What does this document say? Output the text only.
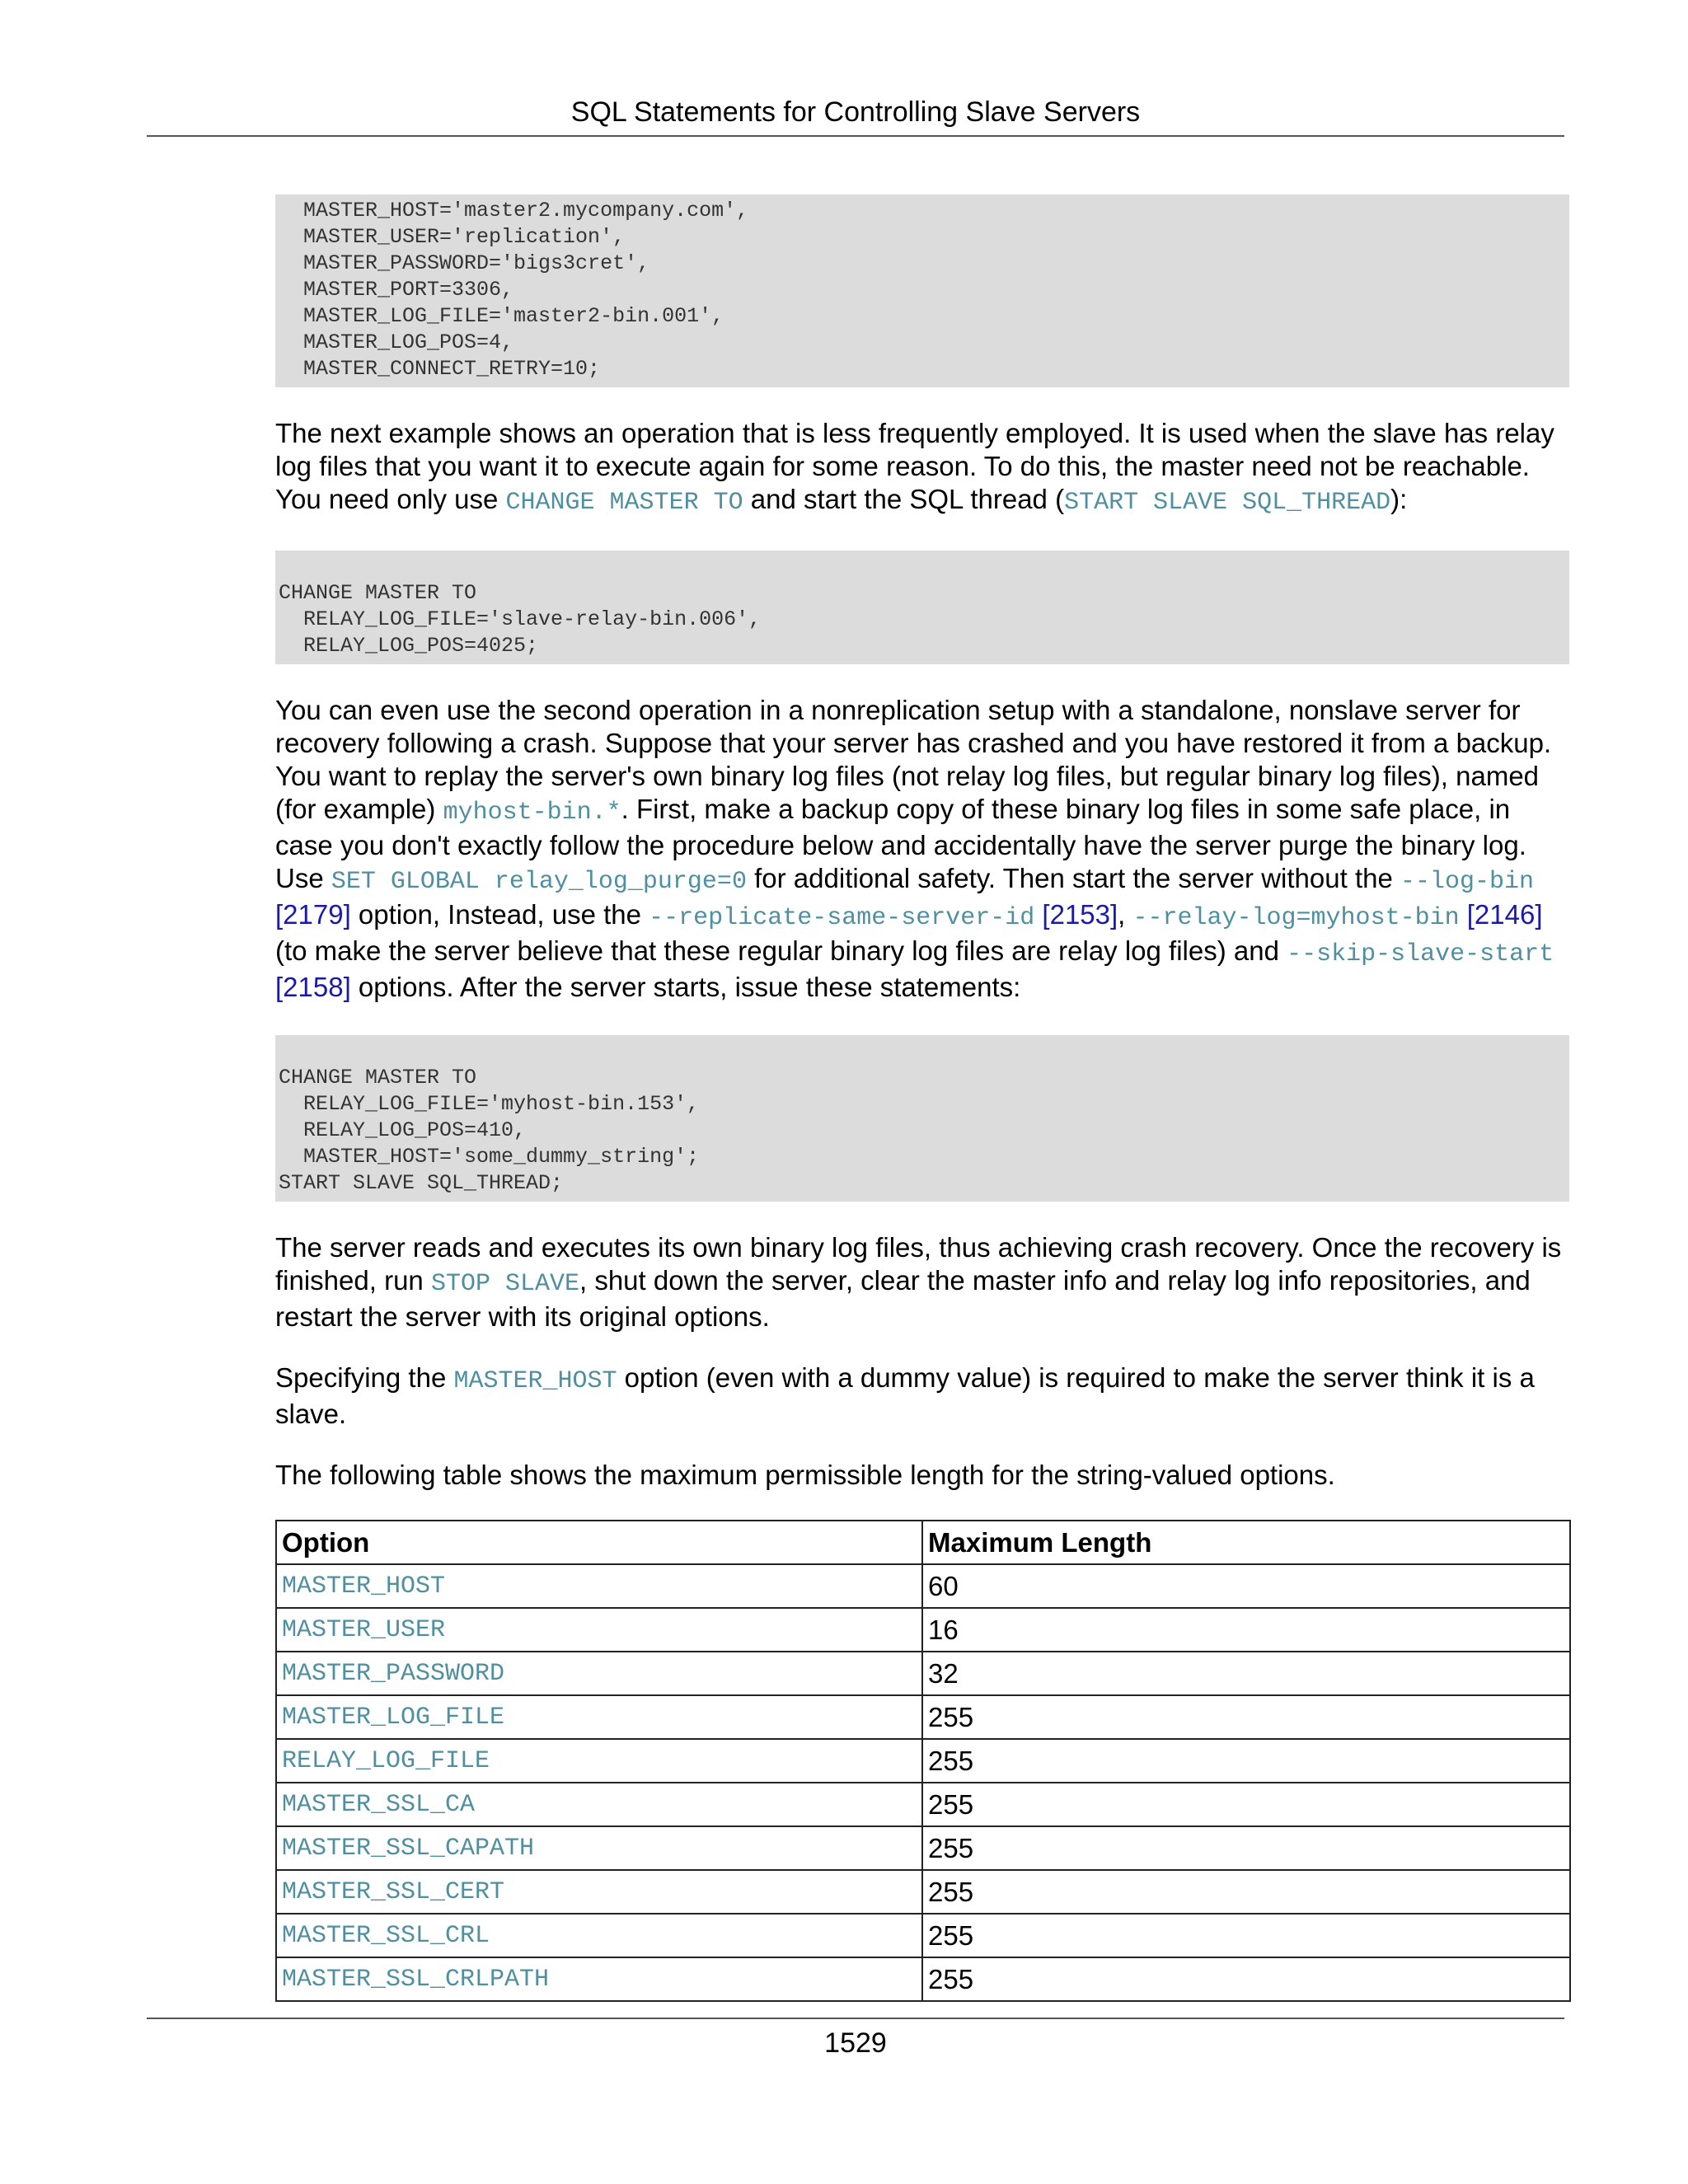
SQL Statements for Controlling Slave Servers
MASTER_HOST='master2.mycompany.com',
MASTER_USER='replication',
MASTER_PASSWORD='bigs3cret',
MASTER_PORT=3306,
MASTER_LOG_FILE='master2-bin.001',
MASTER_LOG_POS=4,
MASTER_CONNECT_RETRY=10;

The next example shows an operation that is less frequently employed. It is used when the slave has relay log files that you want it to execute again for some reason. To do this, the master need not be reachable. You need only use CHANGE MASTER TO and start the SQL thread (START SLAVE SQL_THREAD):

CHANGE MASTER TO
RELAY_LOG_FILE='slave-relay-bin.006',
RELAY_LOG_POS=4025;

You can even use the second operation in a nonreplication setup with a standalone, nonslave server for recovery following a crash. Suppose that your server has crashed and you have restored it from a backup. You want to replay the server's own binary log files (not relay log files, but regular binary log files), named (for example) myhost-bin.*. First, make a backup copy of these binary log files in some safe place, in case you don't exactly follow the procedure below and accidentally have the server purge the binary log. Use SET GLOBAL relay_log_purge=0 for additional safety. Then start the server without the --log-bin [2179] option, Instead, use the --replicate-same-server-id [2153], --relay-log=myhost-bin [2146] (to make the server believe that these regular binary log files are relay log files) and --skip-slave-start [2158] options. After the server starts, issue these statements:

CHANGE MASTER TO
RELAY_LOG_FILE='myhost-bin.153',
RELAY_LOG_POS=410,
MASTER_HOST='some_dummy_string';
START SLAVE SQL_THREAD;

The server reads and executes its own binary log files, thus achieving crash recovery. Once the recovery is finished, run STOP SLAVE, shut down the server, clear the master info and relay log info repositories, and restart the server with its original options.

Specifying the MASTER_HOST option (even with a dummy value) is required to make the server think it is a slave.

The following table shows the maximum permissible length for the string-valued options.

Option	Maximum Length
MASTER_HOST	60
MASTER_USER	16
MASTER_PASSWORD	32
MASTER_LOG_FILE	255
RELAY_LOG_FILE	255
MASTER_SSL_CA	255
MASTER_SSL_CAPATH	255
MASTER_SSL_CERT	255
MASTER_SSL_CRL	255
MASTER_SSL_CRLPATH	255
1529
